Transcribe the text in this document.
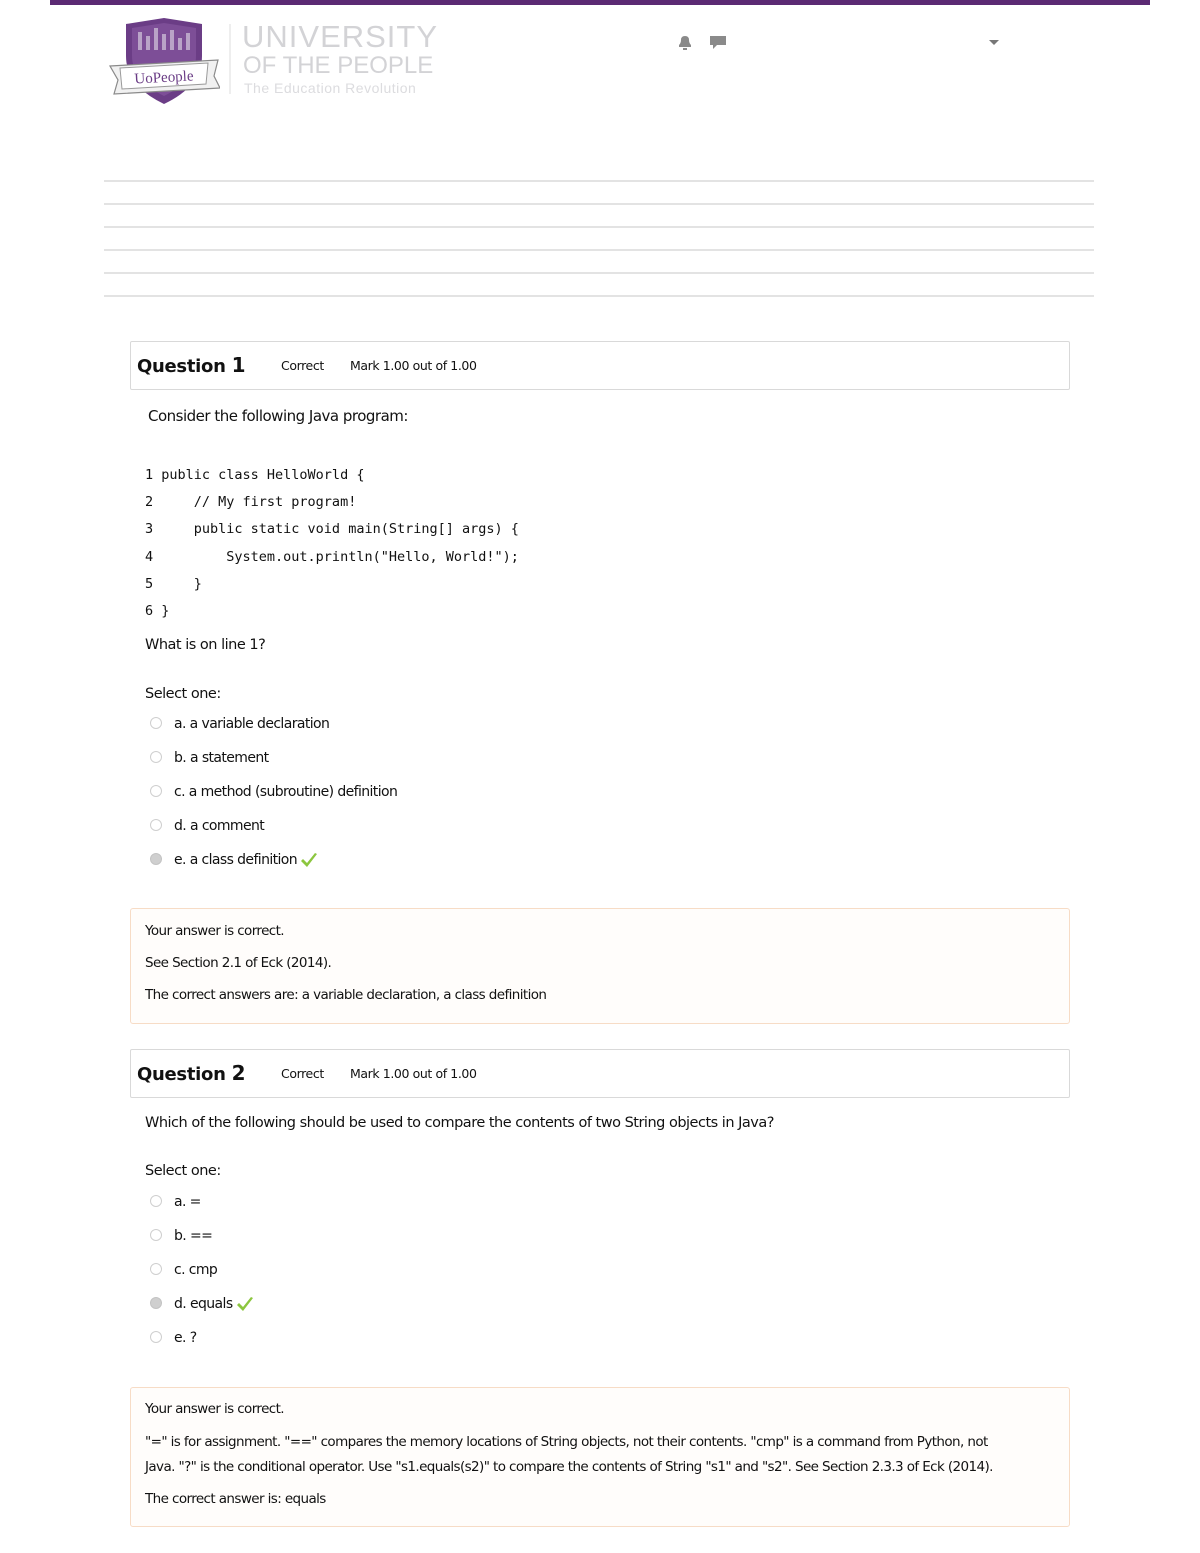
UoPeople
UNIVERSITY
OF THE PEOPLE
The Education Revolution
Question 1	Correct Mark 1.00 out of 1.00
Consider the following Java program:
1 public class HelloWorld {
2     // My first program!
3     public static void main(String[] args) {
4         System.out.println("Hello, World!");
5     }
6 }
What is on line 1?
Select one:
a. a variable declaration
b. a statement
c. a method (subroutine) definition
d. a comment
e. a class definition
Your answer is correct.
See Section 2.1 of Eck (2014).
The correct answers are: a variable declaration, a class definition
Question 2	Correct Mark 1.00 out of 1.00
Which of the following should be used to compare the contents of two String objects in Java?
Select one:
a. =
b. ==
c. cmp
d. equals
e. ?
Your answer is correct.
"=" is for assignment. "==" compares the memory locations of String objects, not their contents. "cmp" is a command from Python, not
Java. "?" is the conditional operator. Use "s1.equals(s2)" to compare the contents of String "s1" and "s2". See Section 2.3.3 of Eck (2014).
The correct answer is: equals
